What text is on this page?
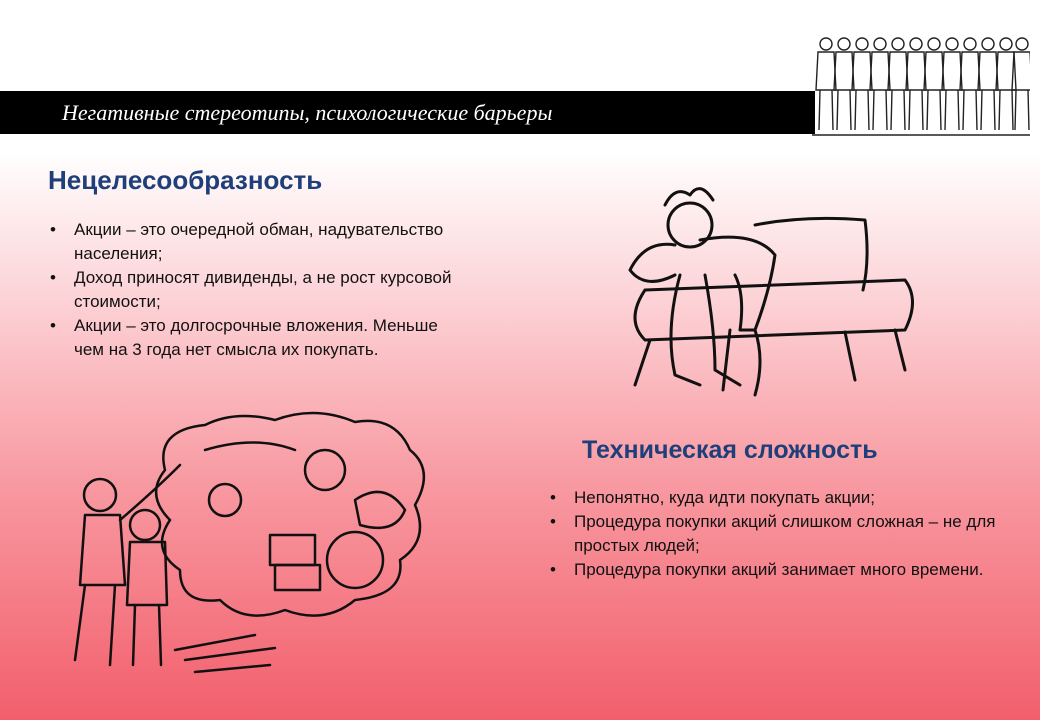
Негативные стереотипы, психологические барьеры
Нецелесообразность
• Акции – это очередной обман, надувательство населения;
• Доход приносят дивиденды, а не рост курсовой стоимости;
• Акции – это долгосрочные вложения. Меньше чем на 3 года нет смысла их покупать.
Техническая сложность
• Непонятно, куда идти покупать акции;
• Процедура покупки акций слишком сложная – не для простых людей;
• Процедура покупки акций занимает много времени.
